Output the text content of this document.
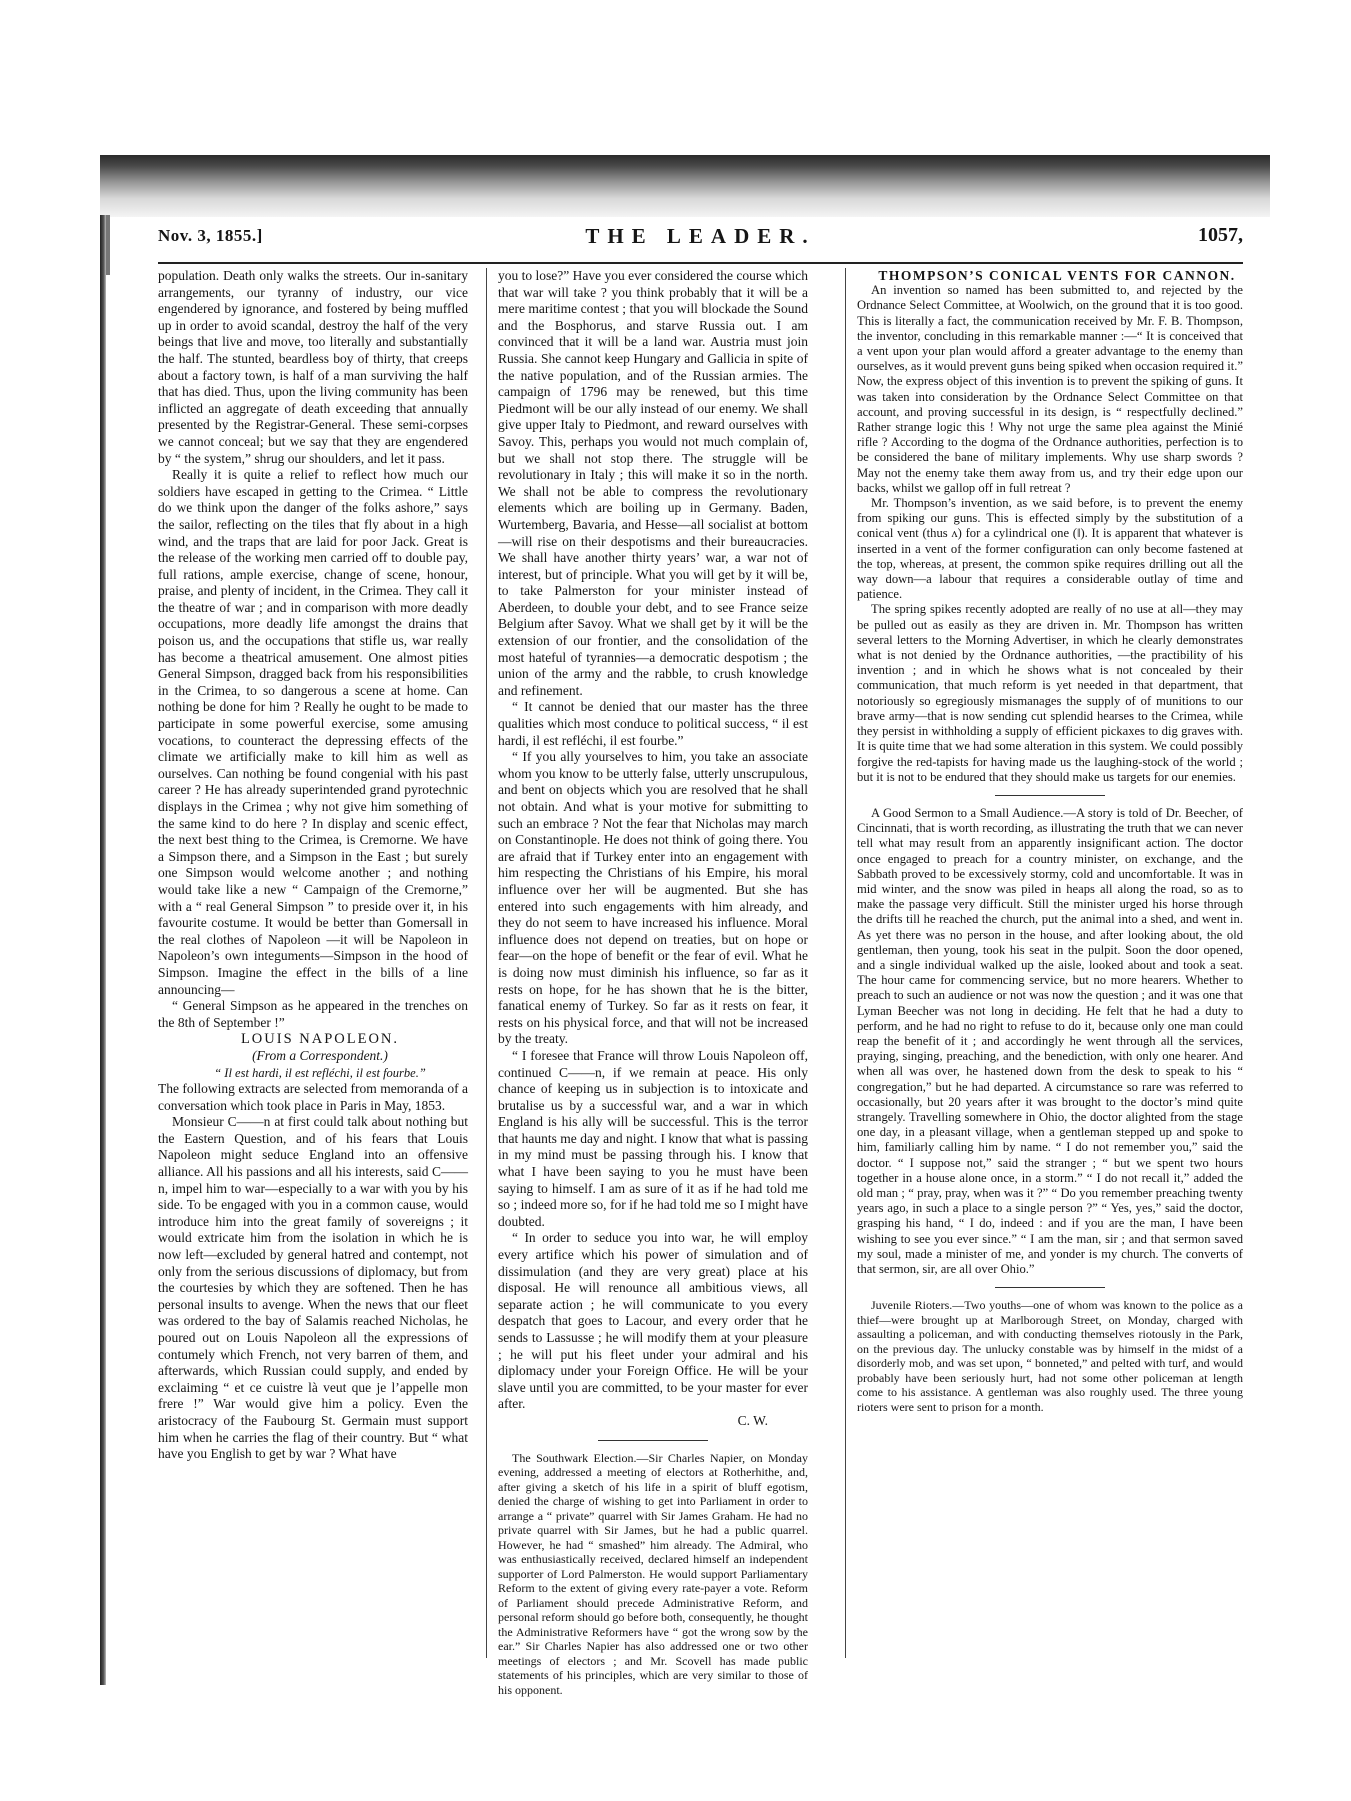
Nov. 3, 1855.]	THE LEADER.	1057,

population. Death only walks the streets. Our in-sanitary arrangements, our tyranny of industry, our vice engendered by ignorance, and fostered by being muffled up in order to avoid scandal, destroy the half of the very beings that live and move, too literally and substantially the half. The stunted, beardless boy of thirty, that creeps about a factory town, is half of a man surviving the half that has died. Thus, upon the living community has been inflicted an aggregate of death exceeding that annually presented by the Registrar-General. These semi-corpses we cannot conceal; but we say that they are engendered by “ the system,” shrug our shoulders, and let it pass.

Really it is quite a relief to reflect how much our soldiers have escaped in getting to the Crimea. “ Little do we think upon the danger of the folks ashore,” says the sailor, reflecting on the tiles that fly about in a high wind, and the traps that are laid for poor Jack. Great is the release of the working men carried off to double pay, full rations, ample exercise, change of scene, honour, praise, and plenty of incident, in the Crimea. They call it the theatre of war ; and in comparison with more deadly occupations, more deadly life amongst the drains that poison us, and the occupations that stifle us, war really has become a theatrical amusement. One almost pities General Simpson, dragged back from his responsibilities in the Crimea, to so dangerous a scene at home. Can nothing be done for him ? Really he ought to be made to participate in some powerful exercise, some amusing vocations, to counteract the depressing effects of the climate we artificially make to kill him as well as ourselves. Can nothing be found congenial with his past career ? He has already superintended grand pyrotechnic displays in the Crimea ; why not give him something of the same kind to do here ? In display and scenic effect, the next best thing to the Crimea, is Cremorne. We have a Simpson there, and a Simpson in the East ; but surely one Simpson would welcome another ; and nothing would take like a new “ Campaign of the Cremorne,” with a “ real General Simpson ” to preside over it, in his favourite costume. It would be better than Gomersall in the real clothes of Napoleon —it will be Napoleon in Napoleon’s own integuments—Simpson in the hood of Simpson. Imagine the effect in the bills of a line announcing—

“ General Simpson as he appeared in the trenches on the 8th of September !”

LOUIS NAPOLEON.

(From a Correspondent.)

“ Il est hardi, il est refléchi, il est fourbe.”

The following extracts are selected from memoranda of a conversation which took place in Paris in May, 1853.

Monsieur C——n at first could talk about nothing but the Eastern Question, and of his fears that Louis Napoleon might seduce England into an offensive alliance. All his passions and all his interests, said C——n, impel him to war—especially to a war with you by his side. To be engaged with you in a common cause, would introduce him into the great family of sovereigns ; it would extricate him from the isolation in which he is now left—excluded by general hatred and contempt, not only from the serious discussions of diplomacy, but from the courtesies by which they are softened. Then he has personal insults to avenge. When the news that our fleet was ordered to the bay of Salamis reached Nicholas, he poured out on Louis Napoleon all the expressions of contumely which French, not very barren of them, and afterwards, which Russian could supply, and ended by exclaiming “ et ce cuistre là veut que je l’appelle mon frere !” War would give him a policy. Even the aristocracy of the Faubourg St. Germain must support him when he carries the flag of their country. But “ what have you English to get by war ? What have

you to lose?” Have you ever considered the course which that war will take ? you think probably that it will be a mere maritime contest ; that you will blockade the Sound and the Bosphorus, and starve Russia out. I am convinced that it will be a land war. Austria must join Russia. She cannot keep Hungary and Gallicia in spite of the native population, and of the Russian armies. The campaign of 1796 may be renewed, but this time Piedmont will be our ally instead of our enemy. We shall give upper Italy to Piedmont, and reward ourselves with Savoy. This, perhaps you would not much complain of, but we shall not stop there. The struggle will be revolutionary in Italy ; this will make it so in the north. We shall not be able to compress the revolutionary elements which are boiling up in Germany. Baden, Wurtemberg, Bavaria, and Hesse—all socialist at bottom—will rise on their despotisms and their bureaucracies. We shall have another thirty years’ war, a war not of interest, but of principle. What you will get by it will be, to take Palmerston for your minister instead of Aberdeen, to double your debt, and to see France seize Belgium after Savoy. What we shall get by it will be the extension of our frontier, and the consolidation of the most hateful of tyrannies—a democratic despotism ; the union of the army and the rabble, to crush knowledge and refinement.

“ It cannot be denied that our master has the three qualities which most conduce to political success, “ il est hardi, il est refléchi, il est fourbe.”

“ If you ally yourselves to him, you take an associate whom you know to be utterly false, utterly unscrupulous, and bent on objects which you are resolved that he shall not obtain. And what is your motive for submitting to such an embrace ? Not the fear that Nicholas may march on Constantinople. He does not think of going there. You are afraid that if Turkey enter into an engagement with him respecting the Christians of his Empire, his moral influence over her will be augmented. But she has entered into such engagements with him already, and they do not seem to have increased his influence. Moral influence does not depend on treaties, but on hope or fear—on the hope of benefit or the fear of evil. What he is doing now must diminish his influence, so far as it rests on hope, for he has shown that he is the bitter, fanatical enemy of Turkey. So far as it rests on fear, it rests on his physical force, and that will not be increased by the treaty.

“ I foresee that France will throw Louis Napoleon off, continued C——n, if we remain at peace. His only chance of keeping us in subjection is to intoxicate and brutalise us by a successful war, and a war in which England is his ally will be successful. This is the terror that haunts me day and night. I know that what is passing in my mind must be passing through his. I know that what I have been saying to you he must have been saying to himself. I am as sure of it as if he had told me so ; indeed more so, for if he had told me so I might have doubted.

“ In order to seduce you into war, he will employ every artifice which his power of simulation and of dissimulation (and they are very great) place at his disposal. He will renounce all ambitious views, all separate action ; he will communicate to you every despatch that goes to Lacour, and every order that he sends to Lassusse ; he will modify them at your pleasure ; he will put his fleet under your admiral and his diplomacy under your Foreign Office. He will be your slave until you are committed, to be your master for ever after.

C. W.

The Southwark Election.—Sir Charles Napier, on Monday evening, addressed a meeting of electors at Rotherhithe, and, after giving a sketch of his life in a spirit of bluff egotism, denied the charge of wishing to get into Parliament in order to arrange a “ private” quarrel with Sir James Graham. He had no private quarrel with Sir James, but he had a public quarrel. However, he had “ smashed” him already. The Admiral, who was enthusiastically received, declared himself an independent supporter of Lord Palmerston. He would support Parliamentary Reform to the extent of giving every rate-payer a vote. Reform of Parliament should precede Administrative Reform, and personal reform should go before both, consequently, he thought the Administrative Reformers have “ got the wrong sow by the ear.” Sir Charles Napier has also addressed one or two other meetings of electors ; and Mr. Scovell has made public statements of his principles, which are very similar to those of his opponent.

THOMPSON’S CONICAL VENTS FOR CANNON.

An invention so named has been submitted to, and rejected by the Ordnance Select Committee, at Woolwich, on the ground that it is too good. This is literally a fact, the communication received by Mr. F. B. Thompson, the inventor, concluding in this remarkable manner :—“ It is conceived that a vent upon your plan would afford a greater advantage to the enemy than ourselves, as it would prevent guns being spiked when occasion required it.” Now, the express object of this invention is to prevent the spiking of guns. It was taken into consideration by the Ordnance Select Committee on that account, and proving successful in its design, is “ respectfully declined.” Rather strange logic this ! Why not urge the same plea against the Minié rifle ? According to the dogma of the Ordnance authorities, perfection is to be considered the bane of military implements. Why use sharp swords ? May not the enemy take them away from us, and try their edge upon our backs, whilst we gallop off in full retreat ?

Mr. Thompson’s invention, as we said before, is to prevent the enemy from spiking our guns. This is effected simply by the substitution of a conical vent (thus ʌ) for a cylindrical one (‖). It is apparent that whatever is inserted in a vent of the former configuration can only become fastened at the top, whereas, at present, the common spike requires drilling out all the way down—a labour that requires a considerable outlay of time and patience.

The spring spikes recently adopted are really of no use at all—they may be pulled out as easily as they are driven in. Mr. Thompson has written several letters to the Morning Advertiser, in which he clearly demonstrates what is not denied by the Ordnance authorities, —the practibility of his invention ; and in which he shows what is not concealed by their communication, that much reform is yet needed in that department, that notoriously so egregiously mismanages the supply of of munitions to our brave army—that is now sending cut splendid hearses to the Crimea, while they persist in withholding a supply of efficient pickaxes to dig graves with. It is quite time that we had some alteration in this system. We could possibly forgive the red-tapists for having made us the laughing-stock of the world ; but it is not to be endured that they should make us targets for our enemies.

A Good Sermon to a Small Audience.—A story is told of Dr. Beecher, of Cincinnati, that is worth recording, as illustrating the truth that we can never tell what may result from an apparently insignificant action. The doctor once engaged to preach for a country minister, on exchange, and the Sabbath proved to be excessively stormy, cold and uncomfortable. It was in mid winter, and the snow was piled in heaps all along the road, so as to make the passage very difficult. Still the minister urged his horse through the drifts till he reached the church, put the animal into a shed, and went in. As yet there was no person in the house, and after looking about, the old gentleman, then young, took his seat in the pulpit. Soon the door opened, and a single individual walked up the aisle, looked about and took a seat. The hour came for commencing service, but no more hearers. Whether to preach to such an audience or not was now the question ; and it was one that Lyman Beecher was not long in deciding. He felt that he had a duty to perform, and he had no right to refuse to do it, because only one man could reap the benefit of it ; and accordingly he went through all the services, praying, singing, preaching, and the benediction, with only one hearer. And when all was over, he hastened down from the desk to speak to his “ congregation,” but he had departed. A circumstance so rare was referred to occasionally, but 20 years after it was brought to the doctor’s mind quite strangely. Travelling somewhere in Ohio, the doctor alighted from the stage one day, in a pleasant village, when a gentleman stepped up and spoke to him, familiarly calling him by name. “ I do not remember you,” said the doctor. “ I suppose not,” said the stranger ; “ but we spent two hours together in a house alone once, in a storm.” “ I do not recall it,” added the old man ; “ pray, pray, when was it ?” “ Do you remember preaching twenty years ago, in such a place to a single person ?” “ Yes, yes,” said the doctor, grasping his hand, “ I do, indeed : and if you are the man, I have been wishing to see you ever since.” “ I am the man, sir ; and that sermon saved my soul, made a minister of me, and yonder is my church. The converts of that sermon, sir, are all over Ohio.”

Juvenile Rioters.—Two youths—one of whom was known to the police as a thief—were brought up at Marlborough Street, on Monday, charged with assaulting a policeman, and with conducting themselves riotously in the Park, on the previous day. The unlucky constable was by himself in the midst of a disorderly mob, and was set upon, “ bonneted,” and pelted with turf, and would probably have been seriously hurt, had not some other policeman at length come to his assistance. A gentleman was also roughly used. The three young rioters were sent to prison for a month.
